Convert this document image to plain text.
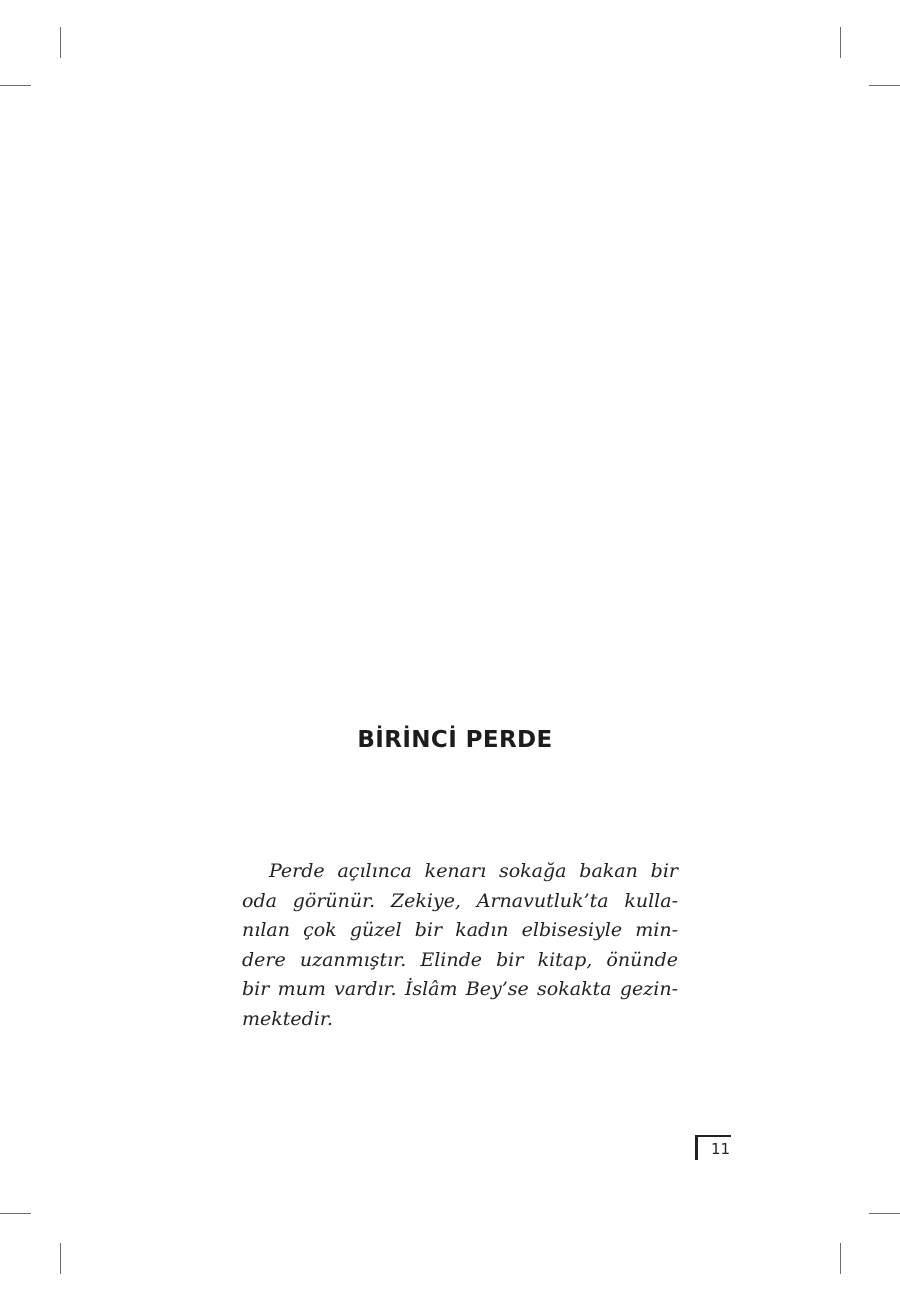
BİRİNCİ PERDE
Perde açılınca kenarı sokağa bakan bir
oda görünür. Zekiye, Arnavutluk’ta kulla-
nılan çok güzel bir kadın elbisesiyle min-
dere uzanmıştır. Elinde bir kitap, önünde
bir mum vardır. İslâm Bey’se sokakta gezin-
mektedir.
11
